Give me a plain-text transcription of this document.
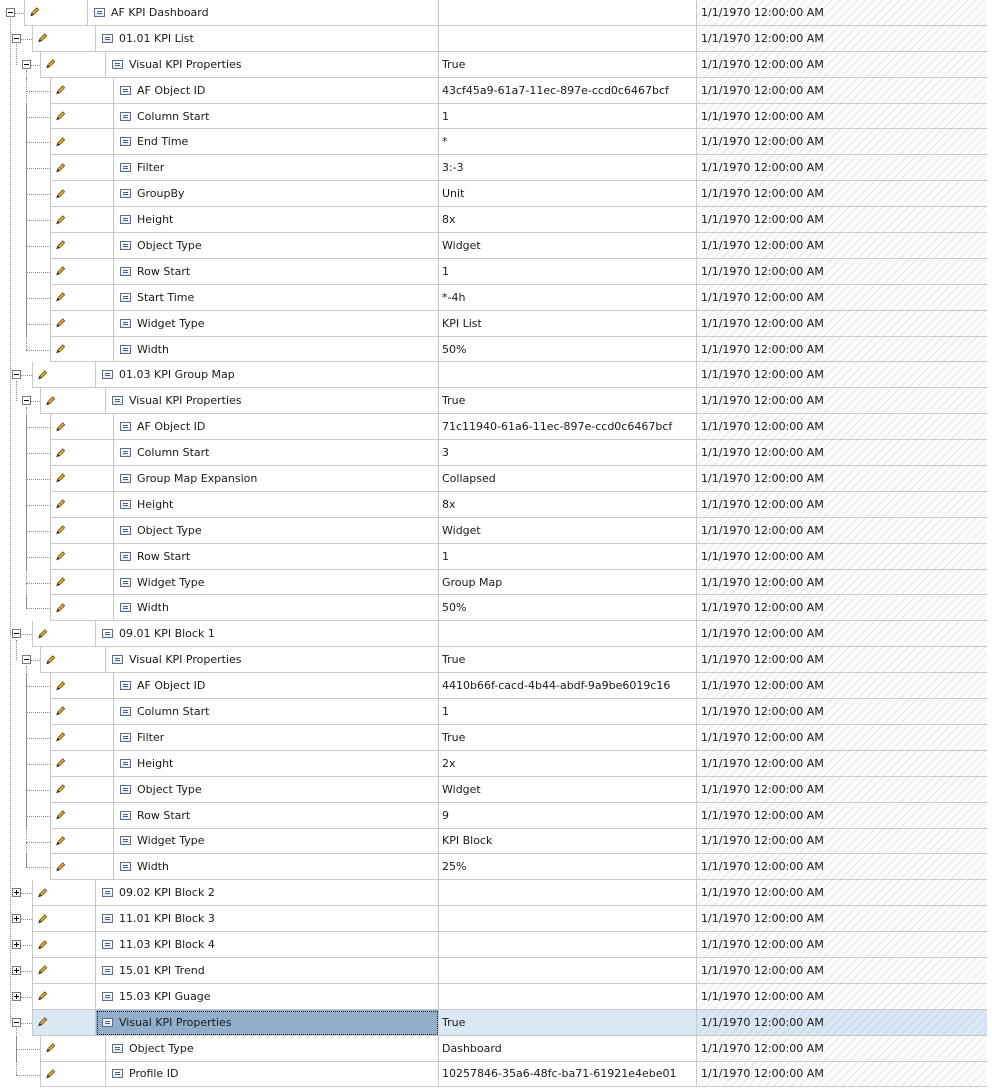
AF KPI Dashboard	1/1/1970 12:00:00 AM
01.01 KPI List	1/1/1970 12:00:00 AM
Visual KPI Properties	True	1/1/1970 12:00:00 AM
AF Object ID	43cf45a9-61a7-11ec-897e-ccd0c6467bcf	1/1/1970 12:00:00 AM
Column Start	1	1/1/1970 12:00:00 AM
End Time	*	1/1/1970 12:00:00 AM
Filter	3:-3	1/1/1970 12:00:00 AM
GroupBy	Unit	1/1/1970 12:00:00 AM
Height	8x	1/1/1970 12:00:00 AM
Object Type	Widget	1/1/1970 12:00:00 AM
Row Start	1	1/1/1970 12:00:00 AM
Start Time	*-4h	1/1/1970 12:00:00 AM
Widget Type	KPI List	1/1/1970 12:00:00 AM
Width	50%	1/1/1970 12:00:00 AM
01.03 KPI Group Map	1/1/1970 12:00:00 AM
Visual KPI Properties	True	1/1/1970 12:00:00 AM
AF Object ID	71c11940-61a6-11ec-897e-ccd0c6467bcf	1/1/1970 12:00:00 AM
Column Start	3	1/1/1970 12:00:00 AM
Group Map Expansion	Collapsed	1/1/1970 12:00:00 AM
Height	8x	1/1/1970 12:00:00 AM
Object Type	Widget	1/1/1970 12:00:00 AM
Row Start	1	1/1/1970 12:00:00 AM
Widget Type	Group Map	1/1/1970 12:00:00 AM
Width	50%	1/1/1970 12:00:00 AM
09.01 KPI Block 1	1/1/1970 12:00:00 AM
Visual KPI Properties	True	1/1/1970 12:00:00 AM
AF Object ID	4410b66f-cacd-4b44-abdf-9a9be6019c16	1/1/1970 12:00:00 AM
Column Start	1	1/1/1970 12:00:00 AM
Filter	True	1/1/1970 12:00:00 AM
Height	2x	1/1/1970 12:00:00 AM
Object Type	Widget	1/1/1970 12:00:00 AM
Row Start	9	1/1/1970 12:00:00 AM
Widget Type	KPI Block	1/1/1970 12:00:00 AM
Width	25%	1/1/1970 12:00:00 AM
09.02 KPI Block 2	1/1/1970 12:00:00 AM
11.01 KPI Block 3	1/1/1970 12:00:00 AM
11.03 KPI Block 4	1/1/1970 12:00:00 AM
15.01 KPI Trend	1/1/1970 12:00:00 AM
15.03 KPI Guage	1/1/1970 12:00:00 AM
Visual KPI Properties	True	1/1/1970 12:00:00 AM
Object Type	Dashboard	1/1/1970 12:00:00 AM
Profile ID	10257846-35a6-48fc-ba71-61921e4ebe01 1/1/1970 12:00:00 AM
